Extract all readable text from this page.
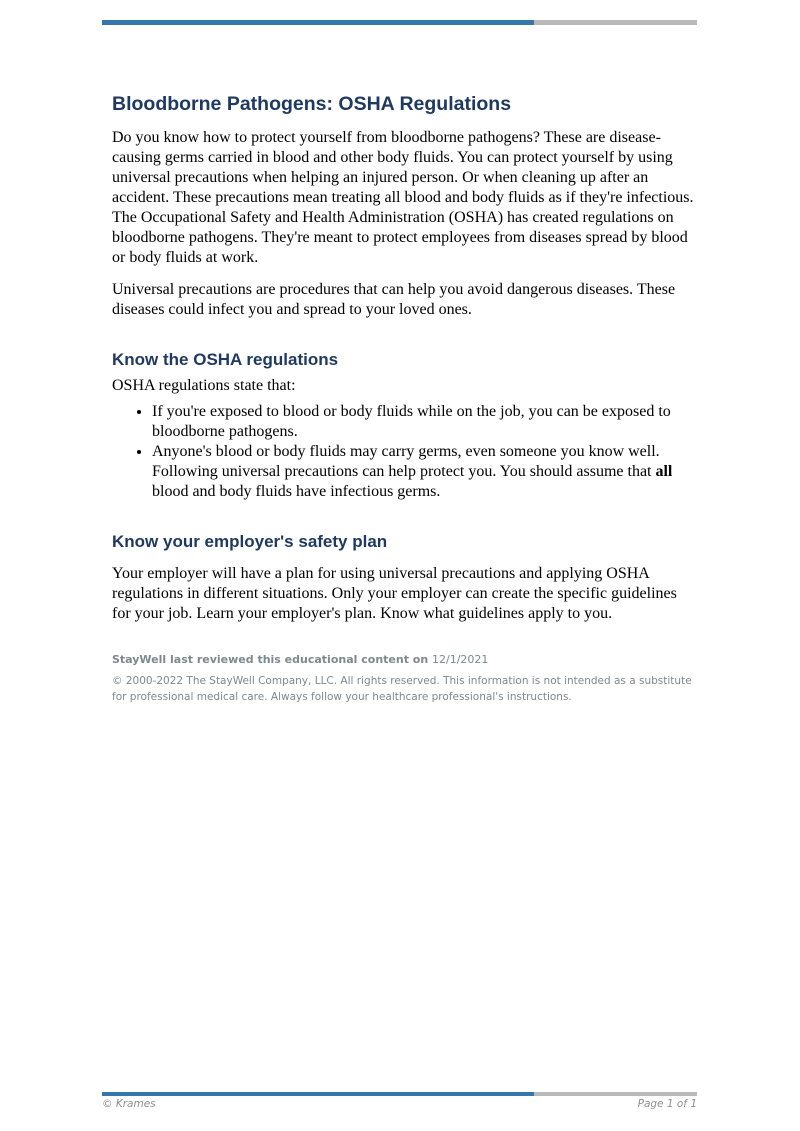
Bloodborne Pathogens: OSHA Regulations

Do you know how to protect yourself from bloodborne pathogens? These are disease-causing germs carried in blood and other body fluids. You can protect yourself by using universal precautions when helping an injured person. Or when cleaning up after an accident. These precautions mean treating all blood and body fluids as if they're infectious. The Occupational Safety and Health Administration (OSHA) has created regulations on bloodborne pathogens. They're meant to protect employees from diseases spread by blood or body fluids at work.

Universal precautions are procedures that can help you avoid dangerous diseases. These diseases could infect you and spread to your loved ones.

Know the OSHA regulations

OSHA regulations state that:

• If you're exposed to blood or body fluids while on the job, you can be exposed to bloodborne pathogens.
• Anyone's blood or body fluids may carry germs, even someone you know well. Following universal precautions can help protect you. You should assume that all blood and body fluids have infectious germs.
Know your employer's safety plan

Your employer will have a plan for using universal precautions and applying OSHA regulations in different situations. Only your employer can create the specific guidelines for your job. Learn your employer's plan. Know what guidelines apply to you.

StayWell last reviewed this educational content on 12/1/2021

© 2000-2022 The StayWell Company, LLC. All rights reserved. This information is not intended as a substitute for professional medical care. Always follow your healthcare professional's instructions.

© Krames	Page 1 of 1
